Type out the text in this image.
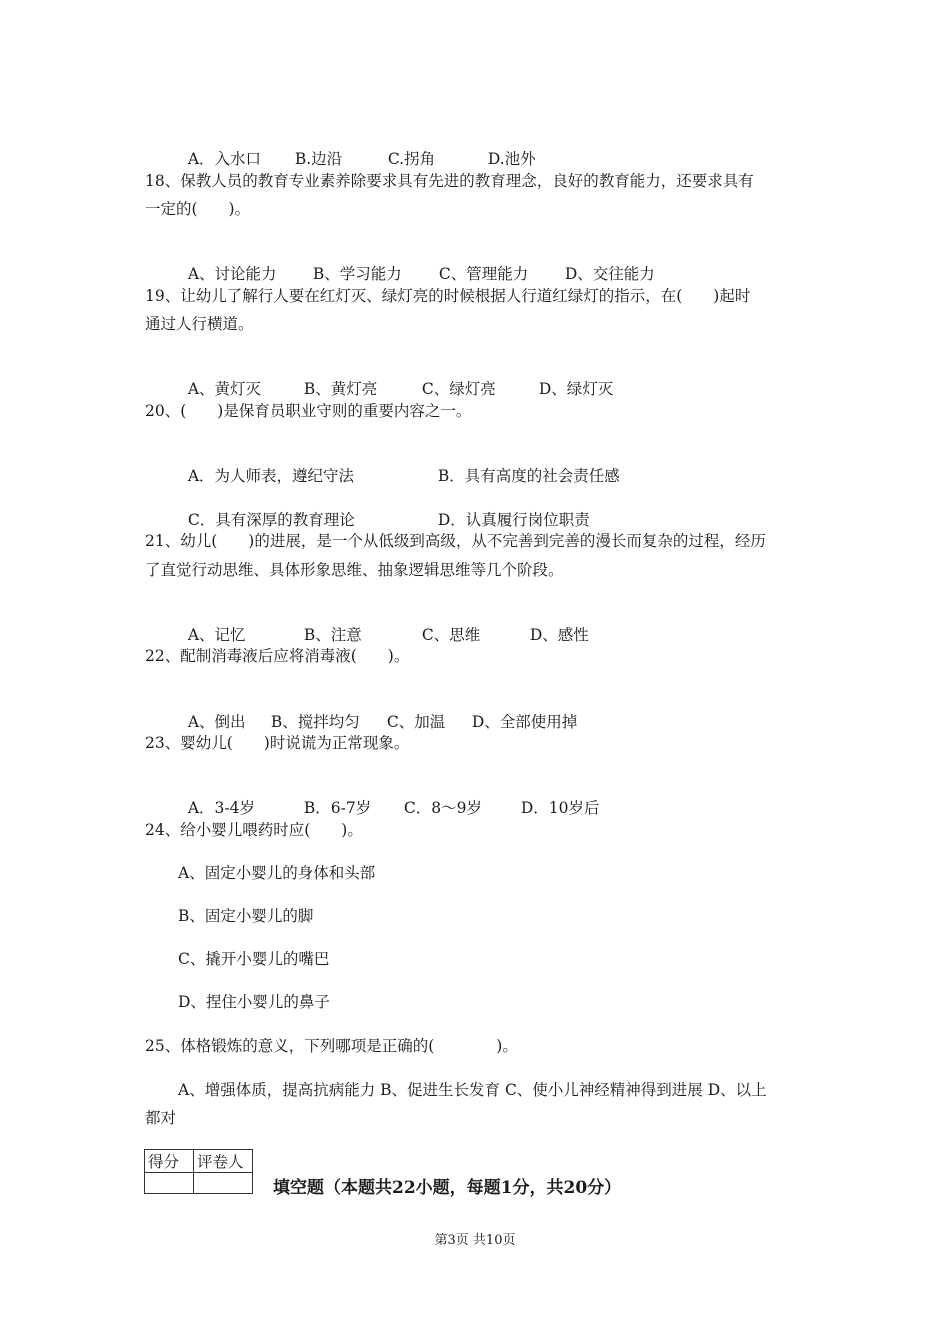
A．入水口 B.边沿	C.拐角	D.池外

18、保教人员的教育专业素养除要求具有先进的教育理念，良好的教育能力，还要求具有
一定的(　　)。

A、讨论能力 B、学习能力 C、管理能力 D、交往能力

19、让幼儿了解行人要在红灯灭、绿灯亮的时候根据人行道红绿灯的指示，在(　　)起时
通过人行横道。

A、黄灯灭	B、黄灯亮	C、绿灯亮	D、绿灯灭

20、(　　)是保育员职业守则的重要内容之一。

A．为人师表，遵纪守法	B．具有高度的社会责任感

C．具有深厚的教育理论	D．认真履行岗位职责

21、幼儿(　　)的进展，是一个从低级到高级，从不完善到完善的漫长而复杂的过程，经历
了直觉行动思维、具体形象思维、抽象逻辑思维等几个阶段。

A、记忆	B、注意	C、思维	D、感性

22、配制消毒液后应将消毒液(　　)。

A、倒出 B、搅拌均匀 C、加温 D、全部使用掉

23、婴幼儿(　　)时说谎为正常现象。

A．3-4岁	B．6-7岁 C．8～9岁	D．10岁后

24、给小婴儿喂药时应(　　)。
A、固定小婴儿的身体和头部
B、固定小婴儿的脚
C、撬开小婴儿的嘴巴
D、捏住小婴儿的鼻子
25、体格锻炼的意义，下列哪项是正确的(　　　　)。
A、增强体质，提高抗病能力 B、促进生长发育 C、使小儿神经精神得到进展 D、以上
都对
得分	评卷人

填空题（本题共22小题，每题1分，共20分）
第3页 共10页
